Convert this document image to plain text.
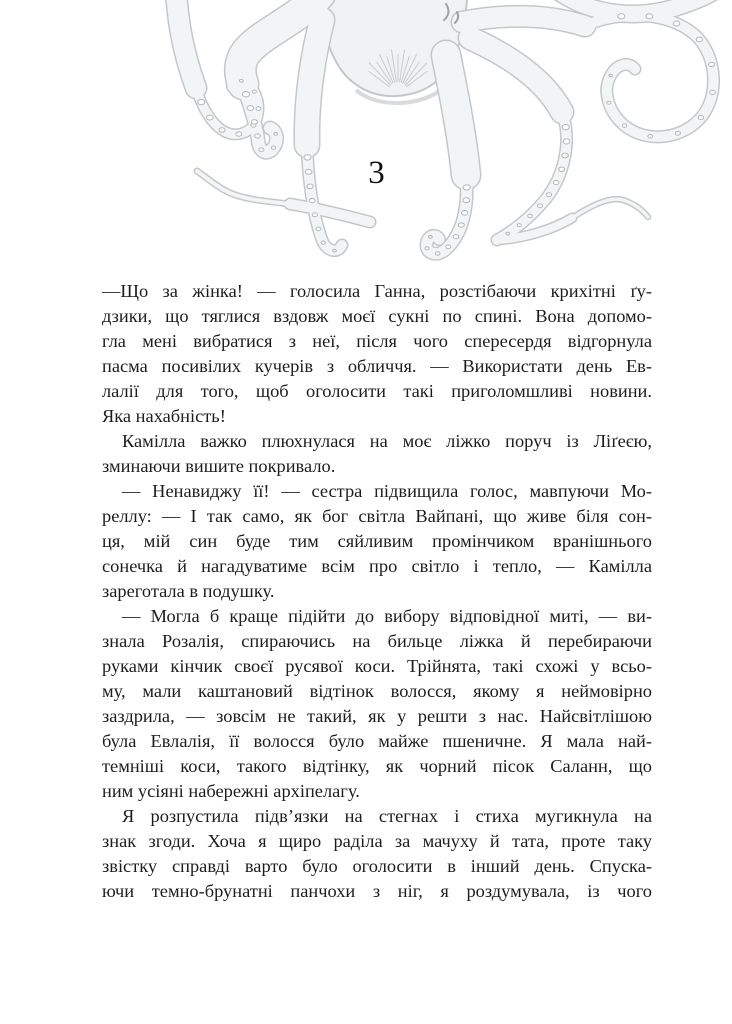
3
—Що за жінка! — голосила Ганна, розстібаючи крихітні ґу-
дзики, що тяглися вздовж моєї сукні по спині. Вона допомо-
гла мені вибратися з неї, після чого спересердя відгорнула
пасма посивілих кучерів з обличчя. — Використати день Ев-
лалії для того, щоб оголосити такі приголомшливі новини.
Яка нахабність!
Камілла важко плюхнулася на моє ліжко поруч із Ліґеєю,
зминаючи вишите покривало.
— Ненавиджу її! — сестра підвищила голос, мавпуючи Мо-
реллу: — І так само, як бог світла Вайпані, що живе біля сон-
ця, мій син буде тим сяйливим промінчиком вранішнього
сонечка й нагадуватиме всім про світло і тепло, — Камілла
зареготала в подушку.
— Могла б краще підійти до вибору відповідної миті, — ви-
знала Розалія, спираючись на бильце ліжка й перебираючи
руками кінчик своєї русявої коси. Трійнята, такі схожі у всьо-
му, мали каштановий відтінок волосся, якому я неймовірно
заздрила, — зовсім не такий, як у решти з нас. Найсвітлішою
була Евлалія, її волосся було майже пшеничне. Я мала най-
темніші коси, такого відтінку, як чорний пісок Саланн, що
ним усіяні набережні архіпелагу.
Я розпустила підв’язки на стегнах і стиха мугикнула на
знак згоди. Хоча я щиро раділа за мачуху й тата, проте таку
звістку справді варто було оголосити в інший день. Спуска-
ючи темно-брунатні панчохи з ніг, я роздумувала, із чого
